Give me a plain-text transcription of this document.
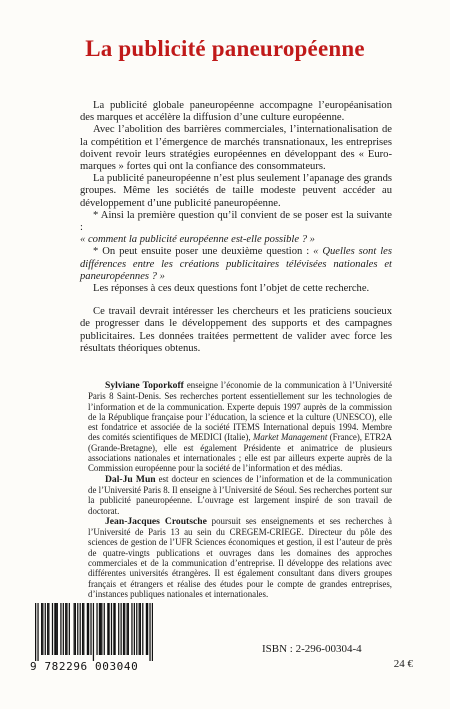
La publicité paneuropéenne

La publicité globale paneuropéenne accompagne l’européanisation des marques et accélère la diffusion d’une culture européenne.

Avec l’abolition des barrières commerciales, l’internationalisation de la compétition et l’émergence de marchés transnationaux, les entreprises doivent revoir leurs stratégies européennes en développant des « Euro-marques » fortes qui ont la confiance des consommateurs.

La publicité paneuropéenne n’est plus seulement l’apanage des grands groupes. Même les sociétés de taille modeste peuvent accéder au développement d’une publicité paneuropéenne.

* Ainsi la première question qu’il convient de se poser est la suivante :
« comment la publicité européenne est-elle possible ? »

* On peut ensuite poser une deuxième question : « Quelles sont les différences entre les créations publicitaires télévisées nationales et paneuropéennes ? »

Les réponses à ces deux questions font l’objet de cette recherche.

Ce travail devrait intéresser les chercheurs et les praticiens soucieux de progresser dans le développement des supports et des campagnes publicitaires. Les données traitées permettent de valider avec force les résultats théoriques obtenus.

Sylviane Toporkoff enseigne l’économie de la communication à l’Université Paris 8 Saint-Denis. Ses recherches portent essentiellement sur les technologies de l’information et de la communication. Experte depuis 1997 auprès de la commission de la République française pour l’éducation, la science et la culture (UNESCO), elle est fondatrice et associée de la société ITEMS International depuis 1994. Membre des comités scientifiques de MEDICI (Italie), Market Management (France), ETR2A (Grande-Bretagne), elle est également Présidente et animatrice de plusieurs associations nationales et internationales ; elle est par ailleurs experte auprès de la Commission européenne pour la société de l’information et des médias.

Dal-Ju Mun est docteur en sciences de l’information et de la communication de l’Université Paris 8. Il enseigne à l’Université de Séoul. Ses recherches portent sur la publicité paneuropéenne. L’ouvrage est largement inspiré de son travail de doctorat.

Jean-Jacques Croutsche poursuit ses enseignements et ses recherches à l’Université de Paris 13 au sein du CREGEM-CRIEGE. Directeur du pôle des sciences de gestion de l’UFR Sciences économiques et gestion, il est l’auteur de près de quatre-vingts publications et ouvrages dans les domaines des approches commerciales et de la communication d’entreprise. Il développe des relations avec différentes universités étrangères. Il est également consultant dans divers groupes français et étrangers et réalise des études pour le compte de grandes entreprises, d’instances publiques nationales et internationales.

9 782296 003040
ISBN : 2-296-00304-4
24 €
